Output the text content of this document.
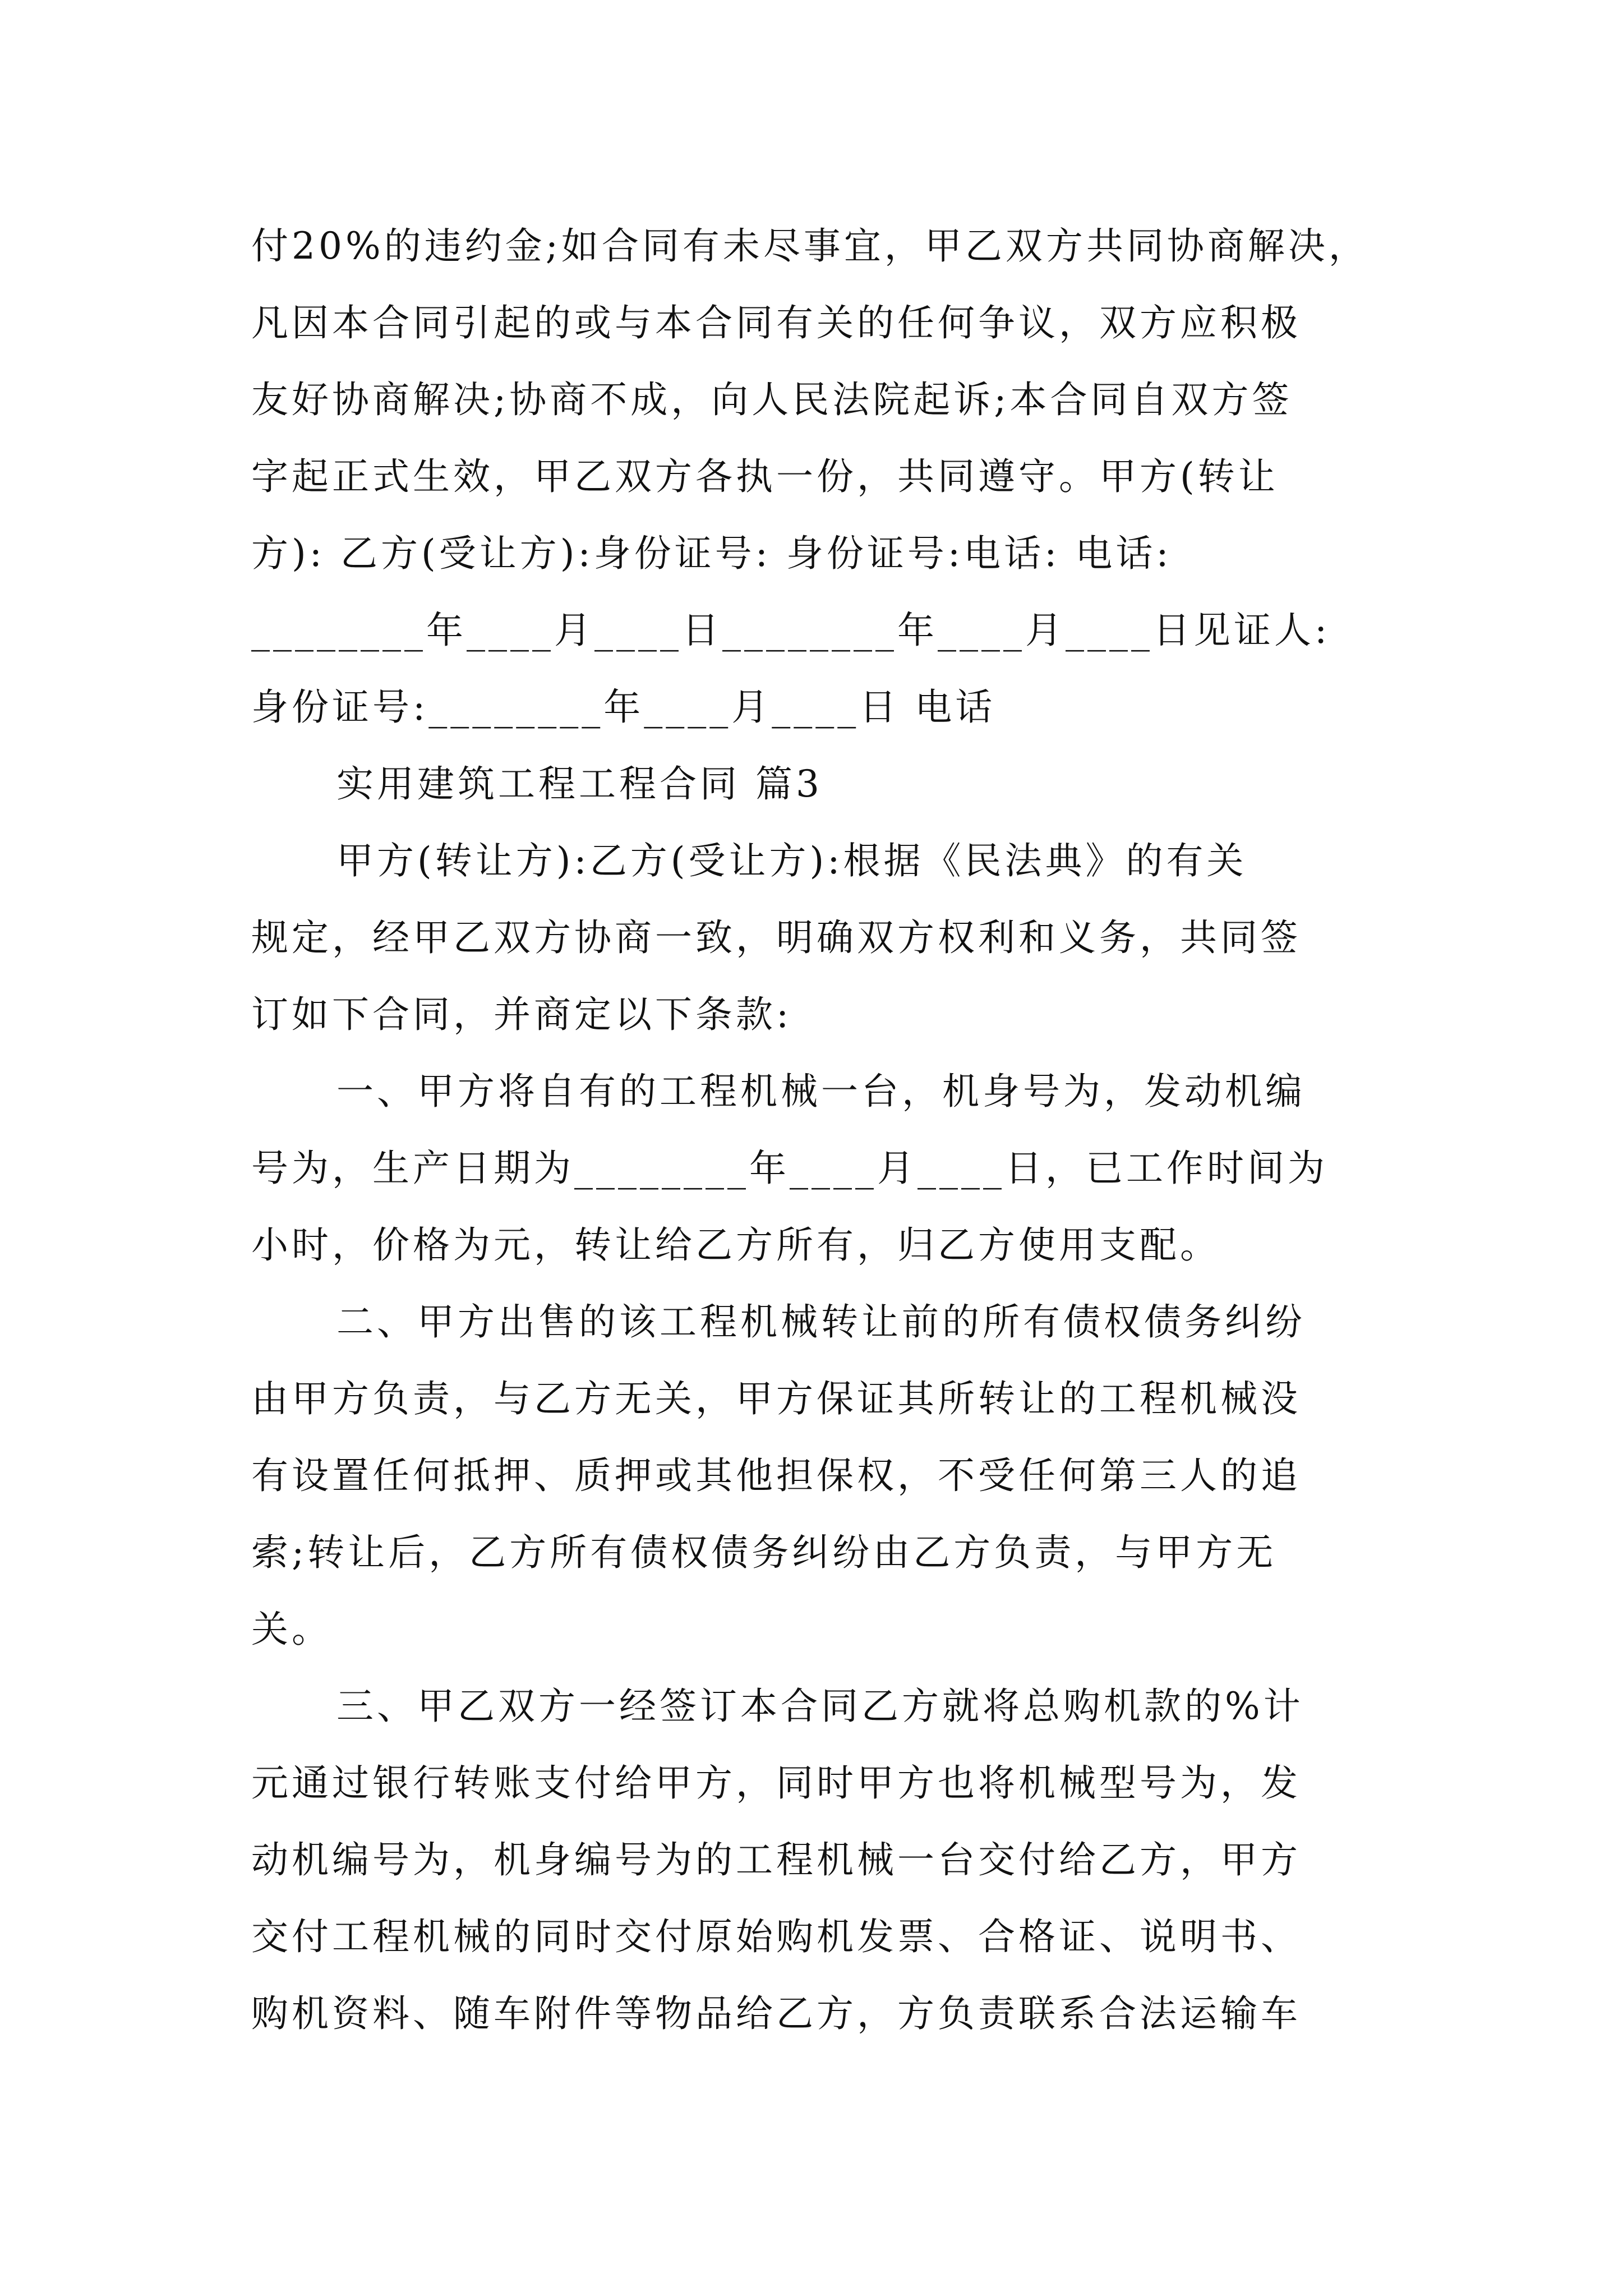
付20%的违约金;如合同有未尽事宜，甲乙双方共同协商解决，
凡因本合同引起的或与本合同有关的任何争议，双方应积极
友好协商解决;协商不成，向人民法院起诉;本合同自双方签
字起正式生效，甲乙双方各执一份，共同遵守。甲方(转让
方): 乙方(受让方):身份证号: 身份证号:电话: 电话:
________年____月____日________年____月____日见证人:
身份证号:________年____月____日 电话
实用建筑工程工程合同 篇3
甲方(转让方):乙方(受让方):根据《民法典》的有关
规定，经甲乙双方协商一致，明确双方权利和义务，共同签
订如下合同，并商定以下条款:
一、甲方将自有的工程机械一台，机身号为，发动机编
号为，生产日期为________年____月____日，已工作时间为
小时，价格为元，转让给乙方所有，归乙方使用支配。
二、甲方出售的该工程机械转让前的所有债权债务纠纷
由甲方负责，与乙方无关，甲方保证其所转让的工程机械没
有设置任何抵押、质押或其他担保权，不受任何第三人的追
索;转让后，乙方所有债权债务纠纷由乙方负责，与甲方无
关。
三、甲乙双方一经签订本合同乙方就将总购机款的%计
元通过银行转账支付给甲方，同时甲方也将机械型号为，发
动机编号为，机身编号为的工程机械一台交付给乙方，甲方
交付工程机械的同时交付原始购机发票、合格证、说明书、
购机资料、随车附件等物品给乙方，方负责联系合法运输车
